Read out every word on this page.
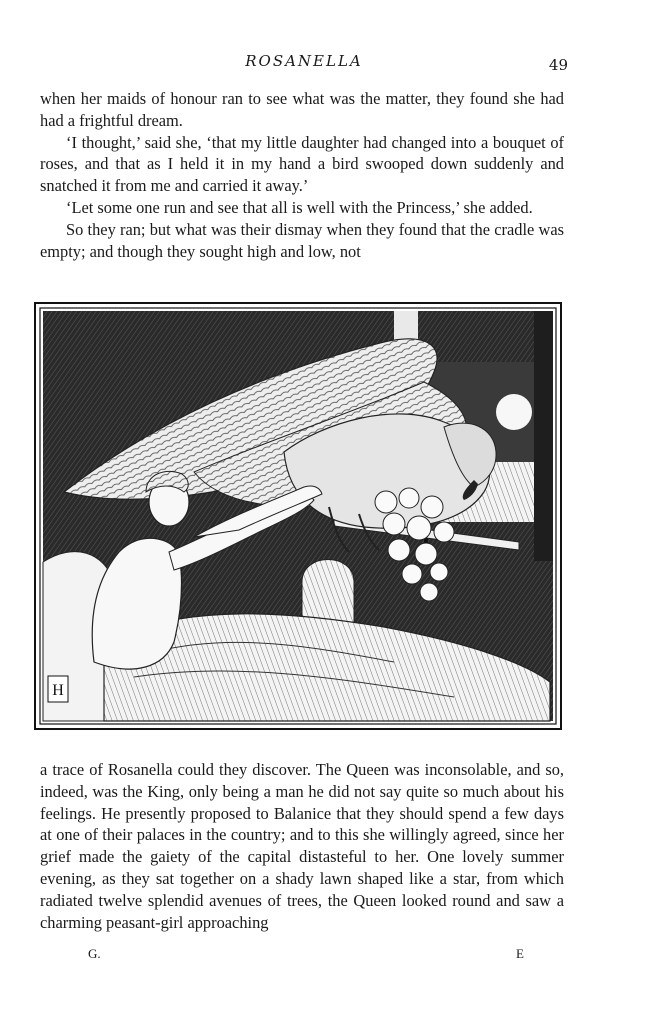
ROSANELLA	49

when her maids of honour ran to see what was the matter, they found she had had a frightful dream.

‘I thought,’ said she, ‘that my little daughter had changed into a bouquet of roses, and that as I held it in my hand a bird swooped down suddenly and snatched it from me and carried it away.’

‘Let some one run and see that all is well with the Princess,’ she added.

So they ran; but what was their dismay when they found that the cradle was empty; and though they sought high and low, not

H

a trace of Rosanella could they discover. The Queen was inconsolable, and so, indeed, was the King, only being a man he did not say quite so much about his feelings. He presently proposed to Balanice that they should spend a few days at one of their palaces in the country; and to this she willingly agreed, since her grief made the gaiety of the capital distasteful to her. One lovely summer evening, as they sat together on a shady lawn shaped like a star, from which radiated twelve splendid avenues of trees, the Queen looked round and saw a charming peasant-girl approaching

G.	E
